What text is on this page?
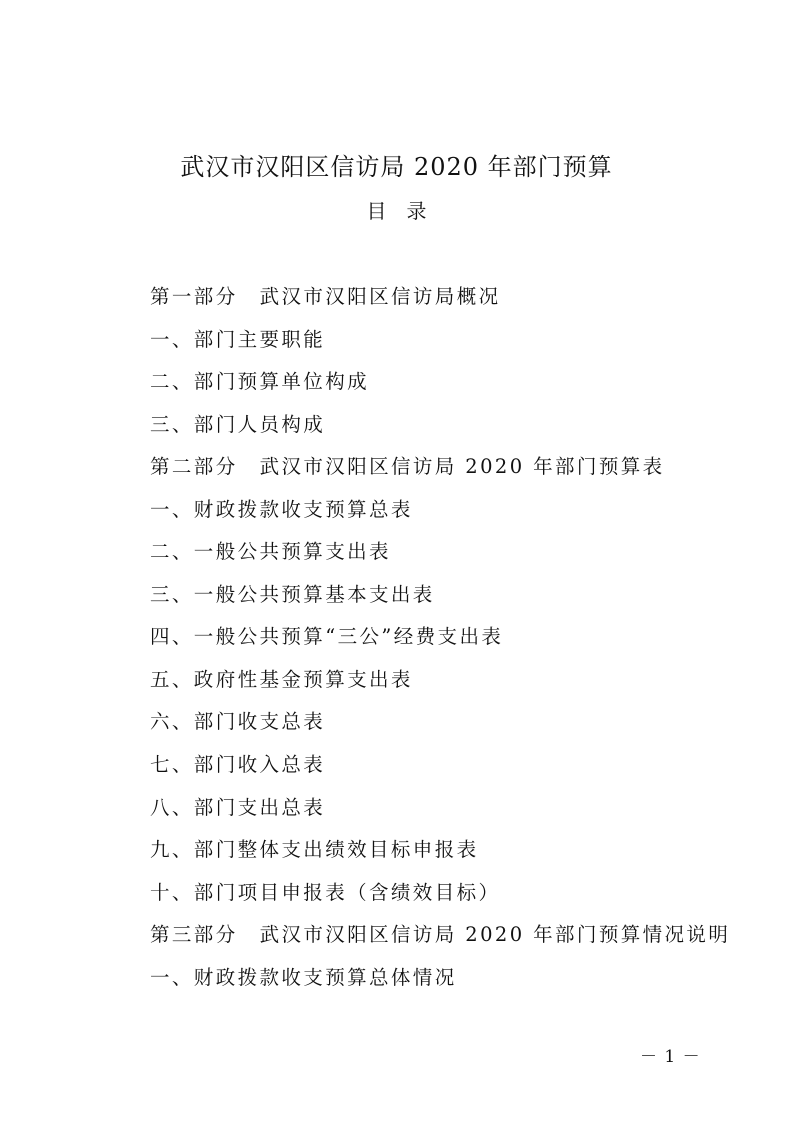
武汉市汉阳区信访局 2020 年部门预算
目　录
第一部分 武汉市汉阳区信访局概况
一、部门主要职能
二、部门预算单位构成
三、部门人员构成
第二部分 武汉市汉阳区信访局 2020 年部门预算表
一、财政拨款收支预算总表
二、一般公共预算支出表
三、一般公共预算基本支出表
四、一般公共预算“三公”经费支出表
五、政府性基金预算支出表
六、部门收支总表
七、部门收入总表
八、部门支出总表
九、部门整体支出绩效目标申报表
十、部门项目申报表（含绩效目标）
第三部分 武汉市汉阳区信访局 2020 年部门预算情况说明
一、财政拨款收支预算总体情况
－ 1 －
